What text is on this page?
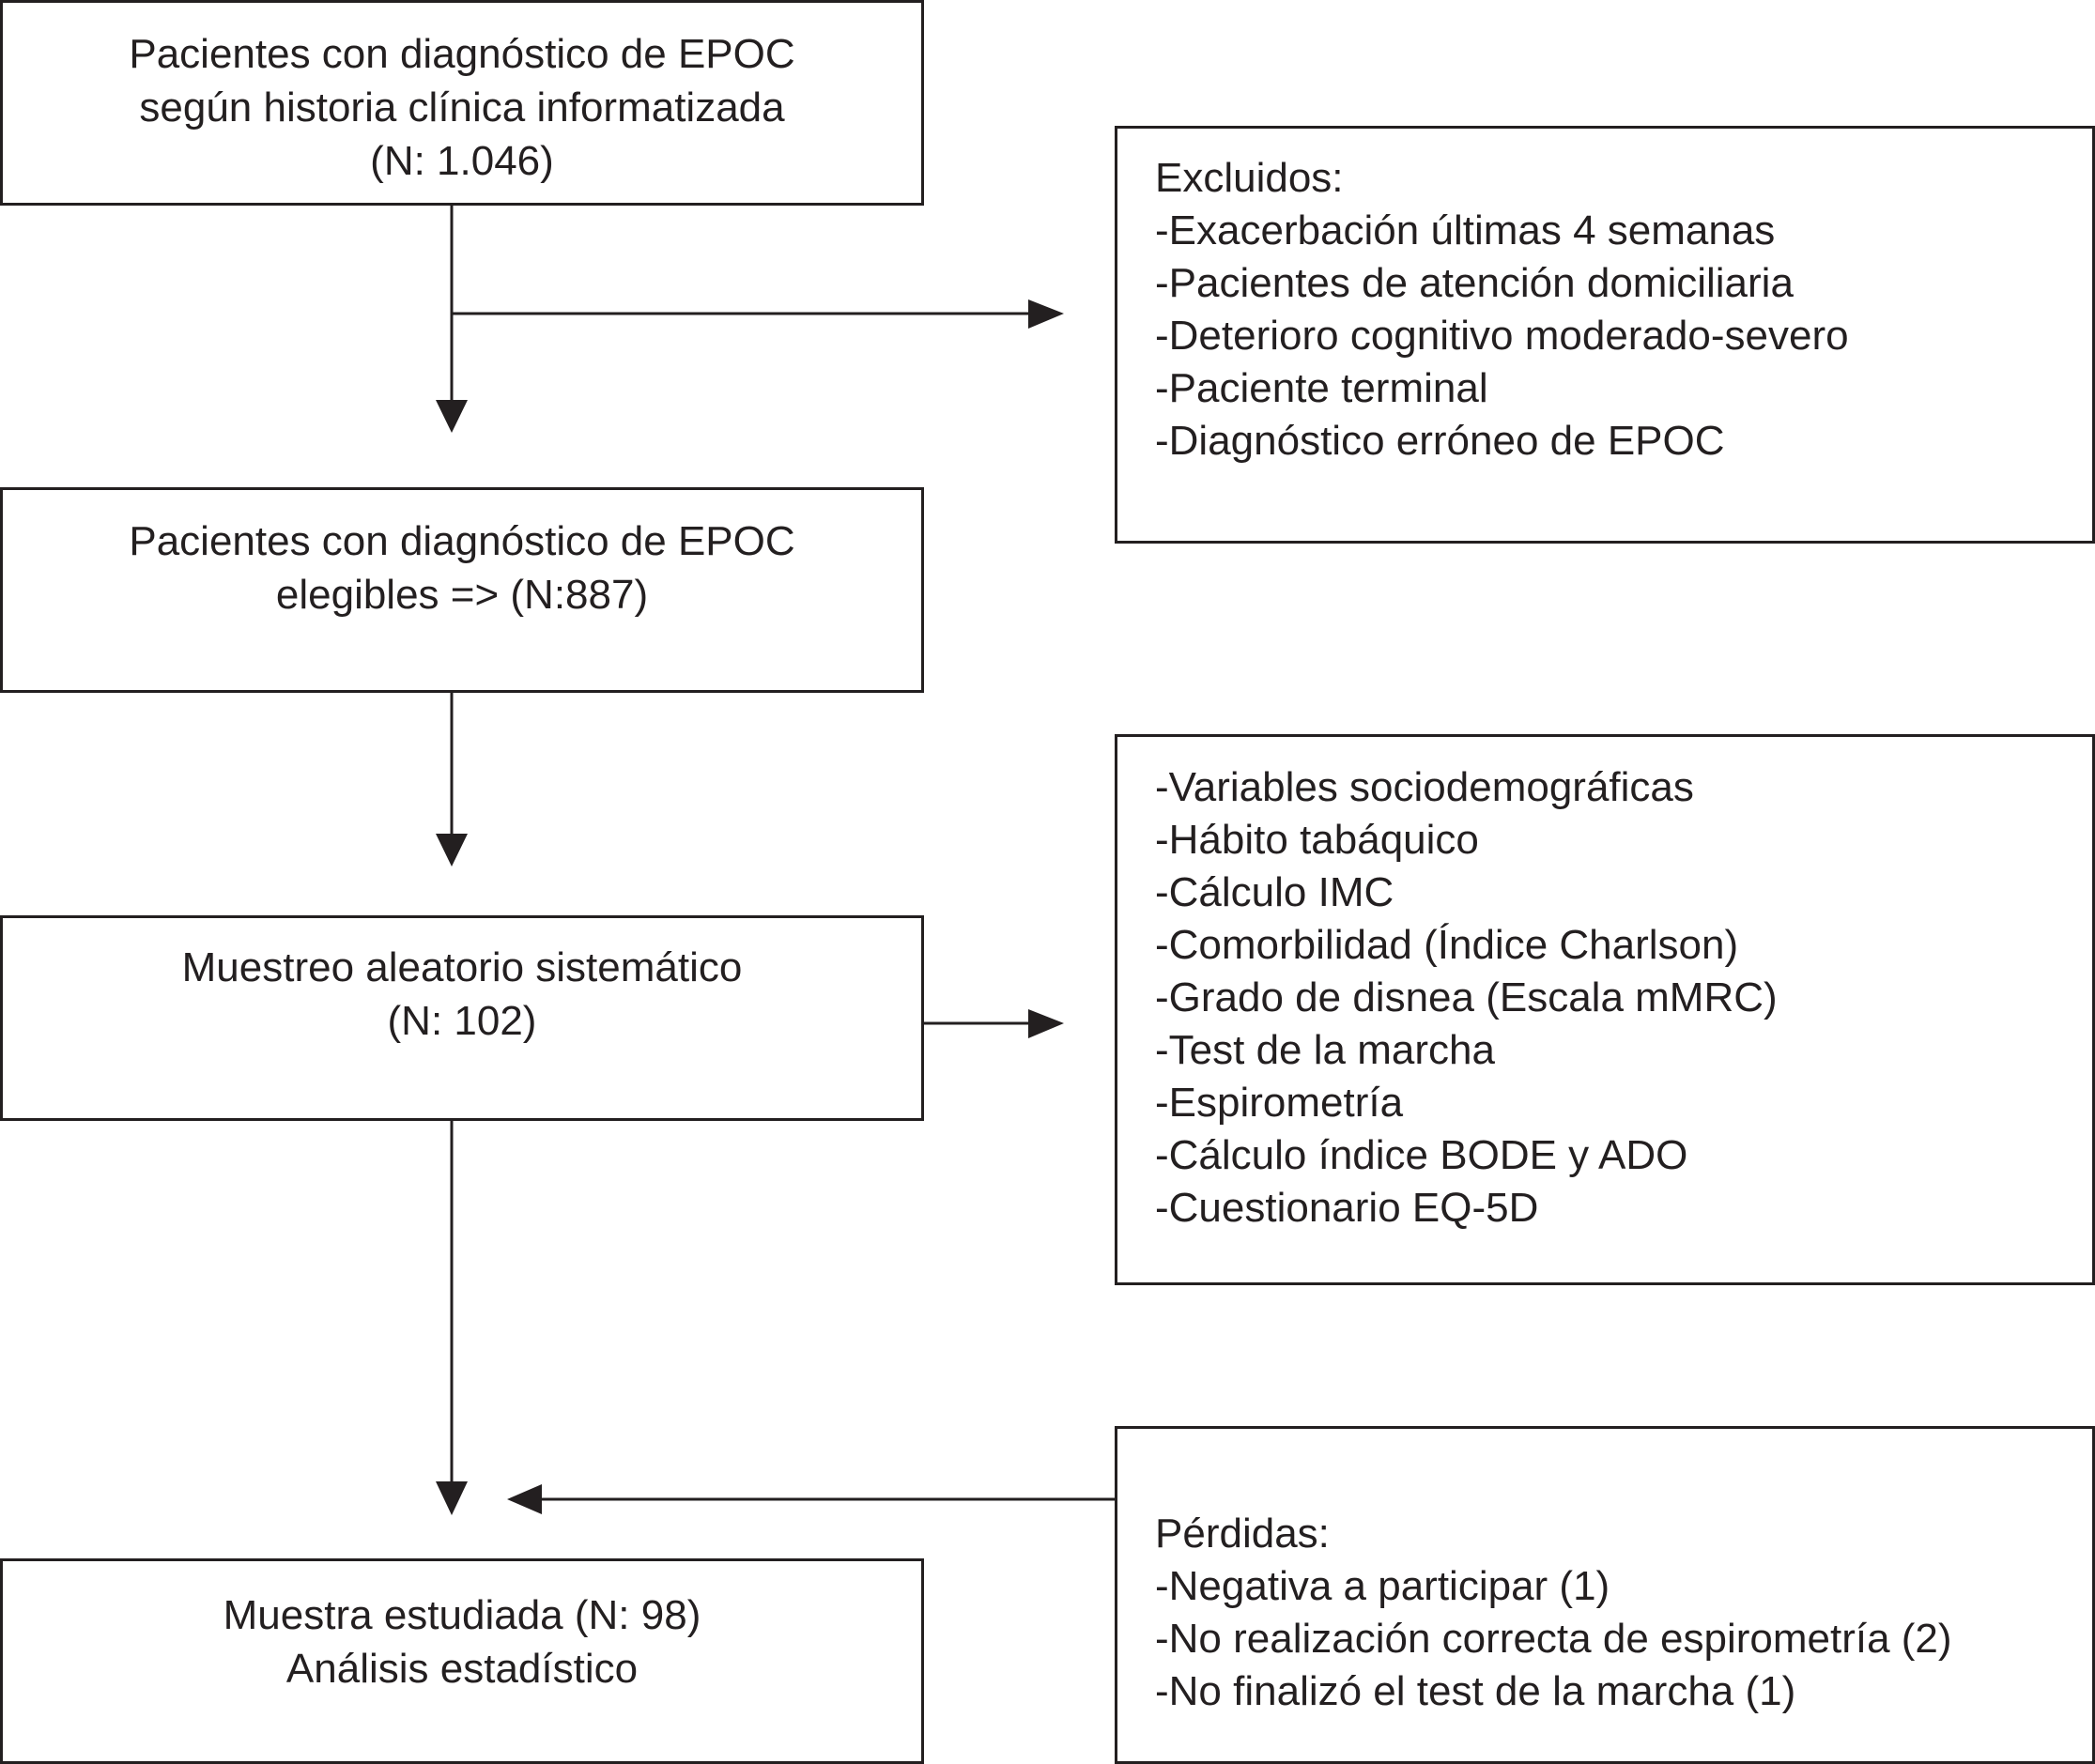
Pacientes con diagnóstico de EPOC
según historia clínica informatizada
(N: 1.046)	Excluidos:
-Exacerbación últimas 4 semanas
-Pacientes de atención domiciliaria
-Deterioro cognitivo moderado-severo
-Paciente terminal
-Diagnóstico erróneo de EPOC
Pacientes con diagnóstico de EPOC
elegibles => (N:887)
-Variables sociodemográficas
-Hábito tabáquico
-Cálculo IMC
-Comorbilidad (Índice Charlson)
-Grado de disnea (Escala mMRC)
-Test de la marcha
-Espirometría
-Cálculo índice BODE y ADO
-Cuestionario EQ-5D
Muestreo aleatorio sistemático
(N: 102)
Pérdidas:
-Negativa a participar (1)
-No realización correcta de espirometría (2)
-No finalizó el test de la marcha (1)
Muestra estudiada (N: 98)
Análisis estadístico
